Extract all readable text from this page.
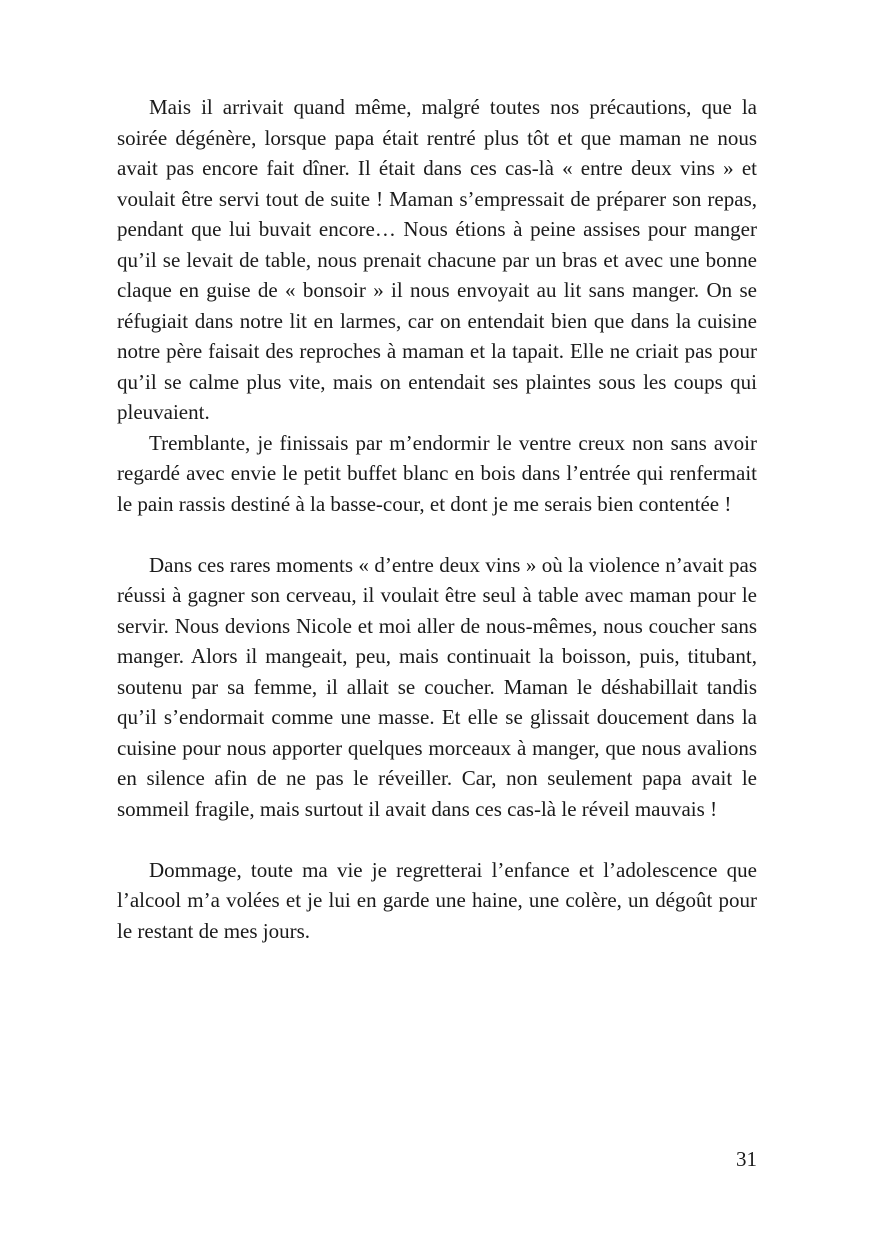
Mais il arrivait quand même, malgré toutes nos précautions, que la soirée dégénère, lorsque papa était rentré plus tôt et que maman ne nous avait pas encore fait dîner. Il était dans ces cas-là « entre deux vins » et voulait être servi tout de suite ! Maman s’empressait de préparer son repas, pendant que lui buvait encore… Nous étions à peine assises pour manger qu’il se levait de table, nous prenait chacune par un bras et avec une bonne claque en guise de « bonsoir » il nous envoyait au lit sans manger. On se réfugiait dans notre lit en larmes, car on entendait bien que dans la cuisine notre père faisait des reproches à maman et la tapait. Elle ne criait pas pour qu’il se calme plus vite, mais on entendait ses plaintes sous les coups qui pleuvaient.

Tremblante, je finissais par m’endormir le ventre creux non sans avoir regardé avec envie le petit buffet blanc en bois dans l’entrée qui renfermait le pain rassis destiné à la basse-cour, et dont je me serais bien contentée !

Dans ces rares moments « d’entre deux vins » où la violence n’avait pas réussi à gagner son cerveau, il voulait être seul à table avec maman pour le servir. Nous devions Nicole et moi aller de nous-mêmes, nous coucher sans manger. Alors il mangeait, peu, mais continuait la boisson, puis, titubant, soutenu par sa femme, il allait se coucher. Maman le déshabillait tandis qu’il s’endormait comme une masse. Et elle se glissait doucement dans la cuisine pour nous apporter quelques morceaux à manger, que nous avalions en silence afin de ne pas le réveiller. Car, non seulement papa avait le sommeil fragile, mais surtout il avait dans ces cas-là le réveil mauvais !

Dommage, toute ma vie je regretterai l’enfance et l’adolescence que l’alcool m’a volées et je lui en garde une haine, une colère, un dégoût pour le restant de mes jours.

31
